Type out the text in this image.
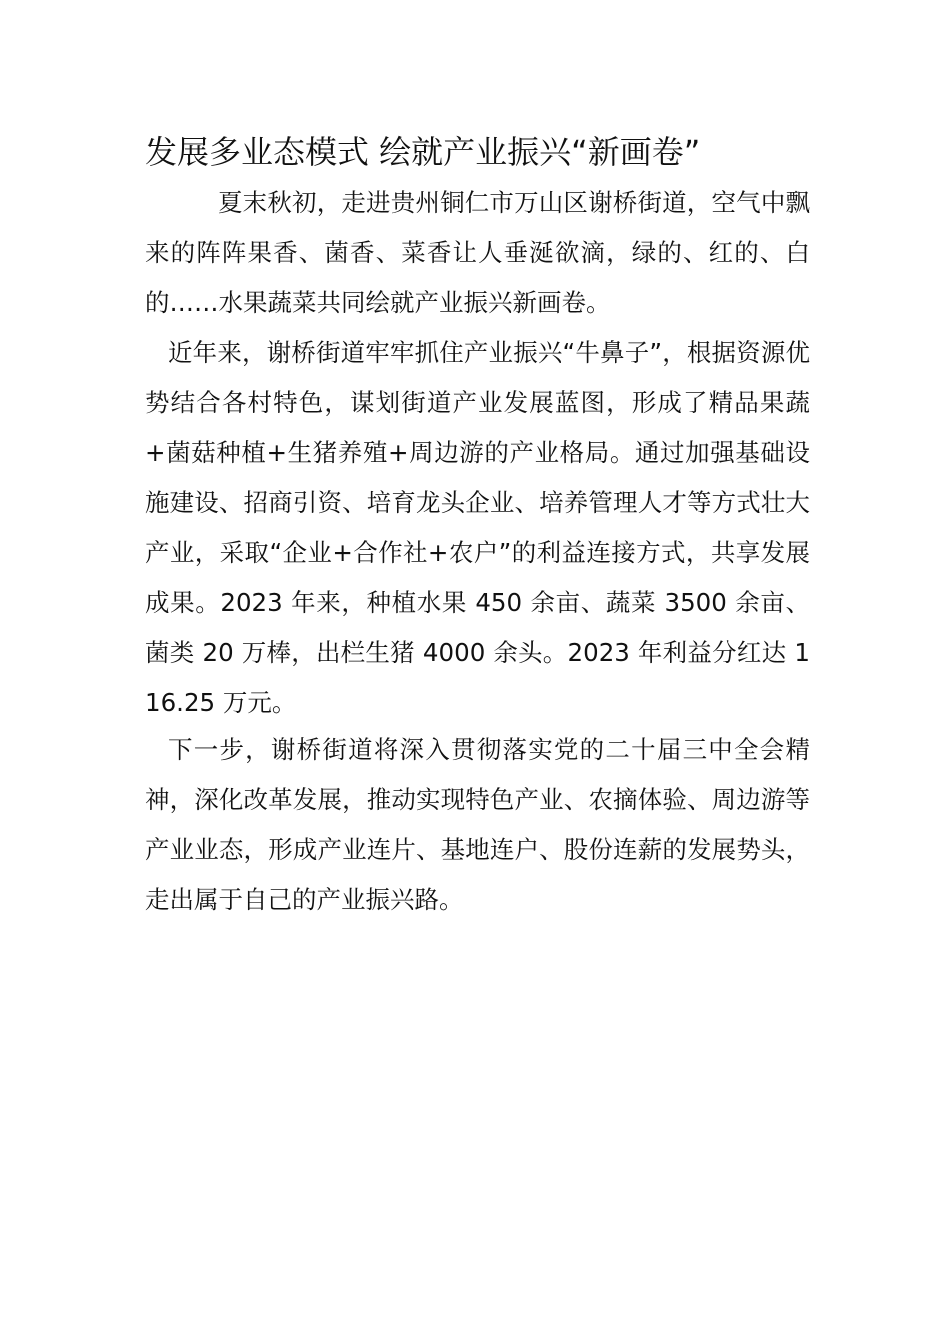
发展多业态模式 绘就产业振兴“新画卷”

夏末秋初，走进贵州铜仁市万山区谢桥街道，空气中飘来的阵阵果香、菌香、菜香让人垂涎欲滴，绿的、红的、白的……水果蔬菜共同绘就产业振兴新画卷。

近年来，谢桥街道牢牢抓住产业振兴“牛鼻子”，根据资源优势结合各村特色，谋划街道产业发展蓝图，形成了精品果蔬+菌菇种植+生猪养殖+周边游的产业格局。通过加强基础设施建设、招商引资、培育龙头企业、培养管理人才等方式壮大产业，采取“企业+合作社+农户”的利益连接方式，共享发展成果。2023 年来，种植水果 450 余亩、蔬菜 3500 余亩、菌类 20 万棒，出栏生猪 4000 余头。2023 年利益分红达 116.25 万元。

下一步，谢桥街道将深入贯彻落实党的二十届三中全会精神，深化改革发展，推动实现特色产业、农摘体验、周边游等产业业态，形成产业连片、基地连户、股份连薪的发展势头，走出属于自己的产业振兴路。
